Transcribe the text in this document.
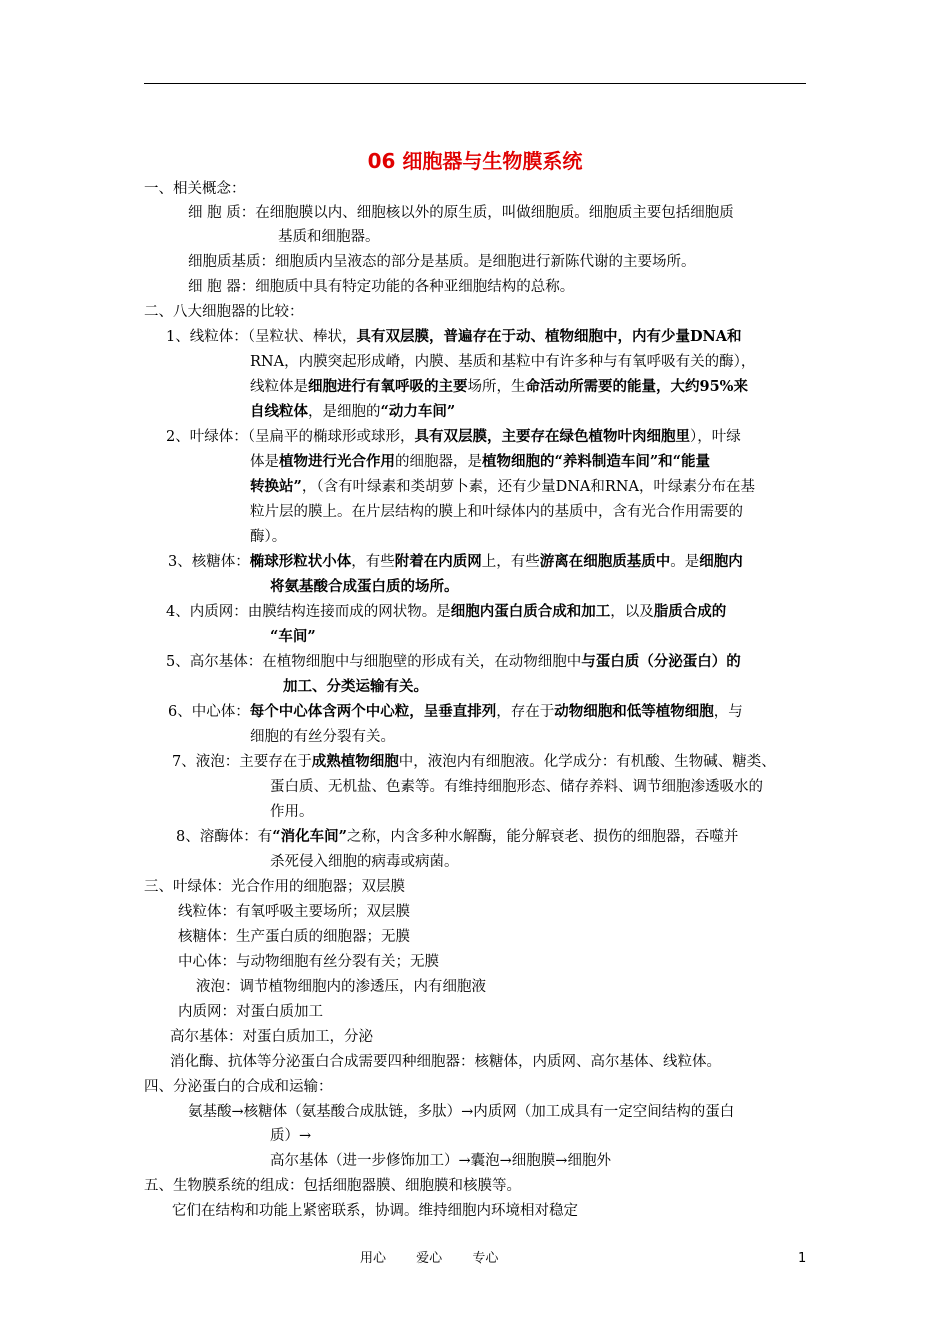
06 细胞器与生物膜系统
一、相关概念：
细 胞 质：在细胞膜以内、细胞核以外的原生质，叫做细胞质。细胞质主要包括细胞质
基质和细胞器。
细胞质基质：细胞质内呈液态的部分是基质。是细胞进行新陈代谢的主要场所。
细 胞 器：细胞质中具有特定功能的各种亚细胞结构的总称。
二、八大细胞器的比较：
1、线粒体：（呈粒状、棒状，具有双层膜，普遍存在于动、植物细胞中，内有少量DNA和
RNA，内膜突起形成嵴，内膜、基质和基粒中有许多种与有氧呼吸有关的酶），
线粒体是细胞进行有氧呼吸的主要场所，生命活动所需要的能量，大约95%来
自线粒体，是细胞的“动力车间”
2、叶绿体：（呈扁平的椭球形或球形，具有双层膜，主要存在绿色植物叶肉细胞里），叶绿
体是植物进行光合作用的细胞器，是植物细胞的“养料制造车间”和“能量
转换站”，（含有叶绿素和类胡萝卜素，还有少量DNA和RNA，叶绿素分布在基
粒片层的膜上。在片层结构的膜上和叶绿体内的基质中，含有光合作用需要的
酶）。
3、核糖体：椭球形粒状小体，有些附着在内质网上，有些游离在细胞质基质中。是细胞内
将氨基酸合成蛋白质的场所。
4、内质网：由膜结构连接而成的网状物。是细胞内蛋白质合成和加工，以及脂质合成的
“车间”
5、高尔基体：在植物细胞中与细胞壁的形成有关，在动物细胞中与蛋白质（分泌蛋白）的
加工、分类运输有关。
6、中心体：每个中心体含两个中心粒，呈垂直排列，存在于动物细胞和低等植物细胞，与
细胞的有丝分裂有关。
7、液泡：主要存在于成熟植物细胞中，液泡内有细胞液。化学成分：有机酸、生物碱、糖类、
蛋白质、无机盐、色素等。有维持细胞形态、储存养料、调节细胞渗透吸水的
作用。
8、溶酶体：有“消化车间”之称，内含多种水解酶，能分解衰老、损伤的细胞器，吞噬并
杀死侵入细胞的病毒或病菌。
三、叶绿体：光合作用的细胞器；双层膜
线粒体：有氧呼吸主要场所；双层膜
核糖体：生产蛋白质的细胞器；无膜
中心体：与动物细胞有丝分裂有关；无膜
液泡：调节植物细胞内的渗透压，内有细胞液
内质网：对蛋白质加工
高尔基体：对蛋白质加工，分泌
消化酶、抗体等分泌蛋白合成需要四种细胞器：核糖体，内质网、高尔基体、线粒体。
四、分泌蛋白的合成和运输：
氨基酸→核糖体（氨基酸合成肽链，多肽）→内质网（加工成具有一定空间结构的蛋白
质）→
高尔基体（进一步修饰加工）→囊泡→细胞膜→细胞外
五、生物膜系统的组成：包括细胞器膜、细胞膜和核膜等。
它们在结构和功能上紧密联系，协调。维持细胞内环境相对稳定
用心 爱心 专心	1
